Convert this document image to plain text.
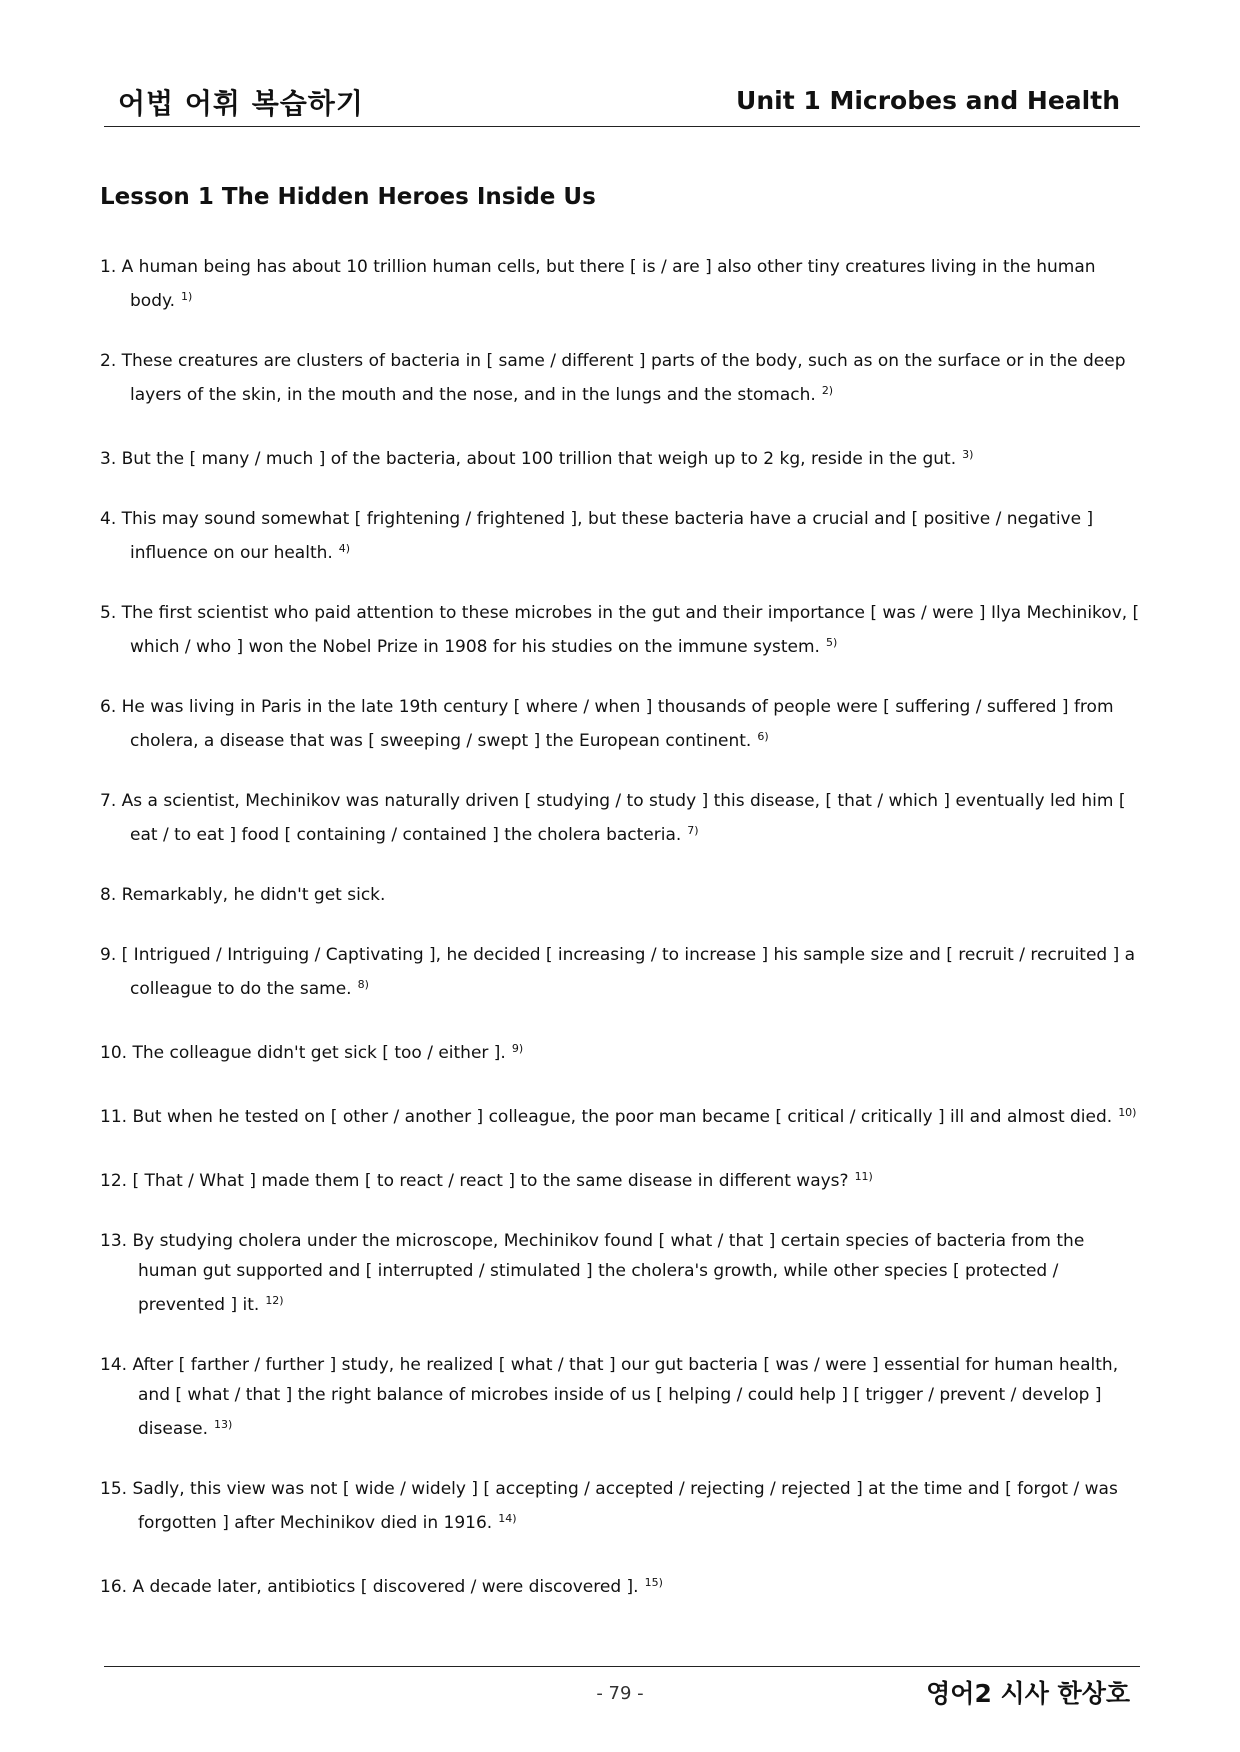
어법 어휘 복습하기	Unit 1 Microbes and Health
Lesson 1 The Hidden Heroes Inside Us
1. A human being has about 10 trillion human cells, but there [ is / are ] also other tiny creatures living in the human body. $^{1)}$
2. These creatures are clusters of bacteria in [ same / different ] parts of the body, such as on the surface or in the deep layers of the skin, in the mouth and the nose, and in the lungs and the stomach. $^{2)}$
3. But the [ many / much ] of the bacteria, about 100 trillion that weigh up to 2 kg, reside in the gut. $^{3)}$
4. This may sound somewhat [ frightening / frightened ], but these bacteria have a crucial and [ positive / negative ] influence on our health. $^{4)}$
5. The first scientist who paid attention to these microbes in the gut and their importance [ was / were ] Ilya Mechinikov, [ which / who ] won the Nobel Prize in 1908 for his studies on the immune system. $^{5)}$
6. He was living in Paris in the late 19th century [ where / when ] thousands of people were [ suffering / suffered ] from cholera, a disease that was [ sweeping / swept ] the European continent. $^{6)}$
7. As a scientist, Mechinikov was naturally driven [ studying / to study ] this disease, [ that / which ] eventually led him [ eat / to eat ] food [ containing / contained ] the cholera bacteria. $^{7)}$
8. Remarkably, he didn't get sick.
9. [ Intrigued / Intriguing / Captivating ], he decided [ increasing / to increase ] his sample size and [ recruit / recruited ] a colleague to do the same. $^{8)}$
10. The colleague didn't get sick [ too / either ]. $^{9)}$
11. But when he tested on [ other / another ] colleague, the poor man became [ critical / critically ] ill and almost died. $^{10)}$
12. [ That / What ] made them [ to react / react ] to the same disease in different ways? $^{11)}$
13. By studying cholera under the microscope, Mechinikov found [ what / that ] certain species of bacteria from the human gut supported and [ interrupted / stimulated ] the cholera's growth, while other species [ protected / prevented ] it. $^{12)}$
14. After [ farther / further ] study, he realized [ what / that ] our gut bacteria [ was / were ] essential for human health, and [ what / that ] the right balance of microbes inside of us [ helping / could help ] [ trigger / prevent / develop ] disease. $^{13)}$
15. Sadly, this view was not [ wide / widely ] [ accepting / accepted / rejecting / rejected ] at the time and [ forgot / was forgotten ] after Mechinikov died in 1916. $^{14)}$
16. A decade later, antibiotics [ discovered / were discovered ]. $^{15)}$
- 79 -	영어2 시사 한상호
